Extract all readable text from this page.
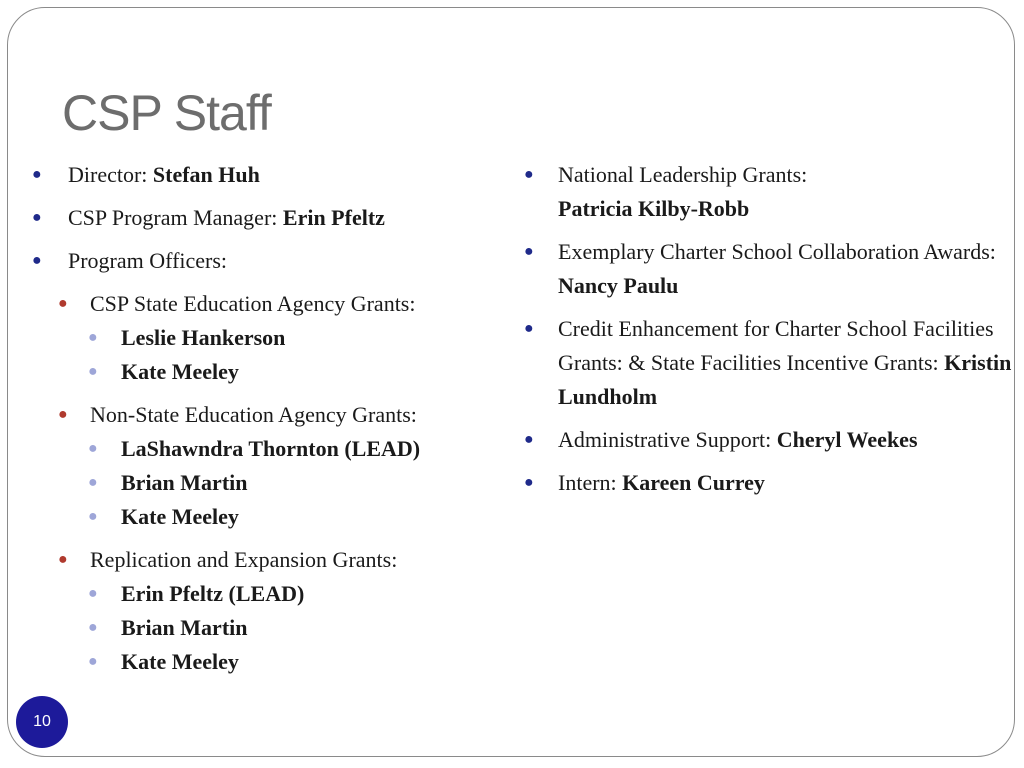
CSP Staff
● Director: Stefan Huh
● CSP Program Manager: Erin Pfeltz
● Program Officers:
● CSP State Education Agency Grants:
● Leslie Hankerson
● Kate Meeley
● Non-State Education Agency Grants:
● LaShawndra Thornton (LEAD)
● Brian Martin
● Kate Meeley
● Replication and Expansion Grants:
● Erin Pfeltz (LEAD)
● Brian Martin
● Kate Meeley
● National Leadership Grants:
Patricia Kilby-Robb
● Exemplary Charter School Collaboration Awards: Nancy Paulu
● Credit Enhancement for Charter School Facilities Grants: & State Facilities Incentive Grants: Kristin Lundholm
● Administrative Support: Cheryl Weekes
● Intern: Kareen Currey
10
